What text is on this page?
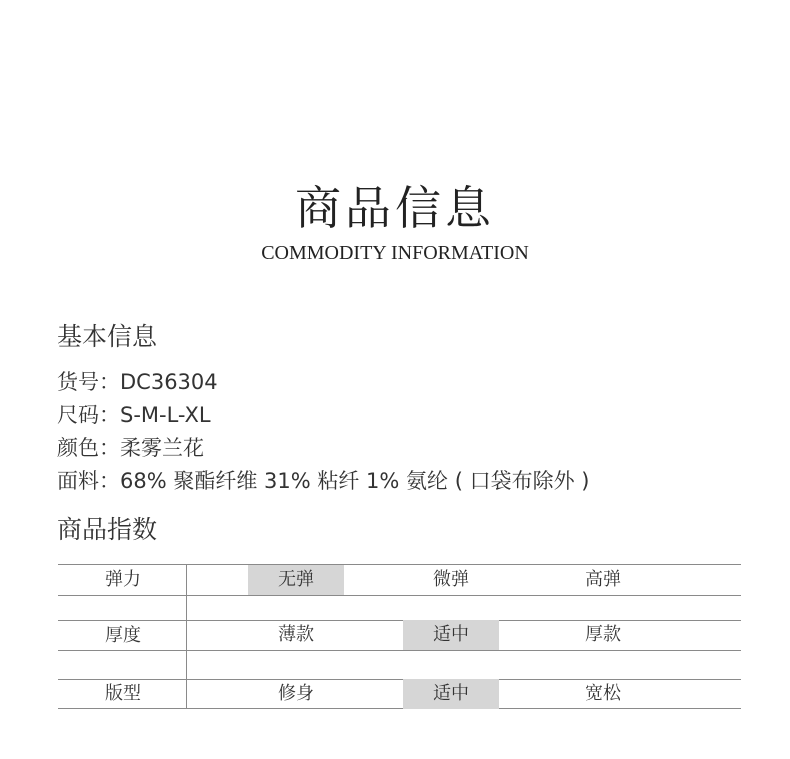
商品信息
COMMODITY INFORMATION
基本信息
货号：DC36304
尺码：S-M-L-XL
颜色：柔雾兰花
面料：68% 聚酯纤维 31% 粘纤 1% 氨纶 ( 口袋布除外 )
商品指数
弹力	无弹	微弹	高弹
厚度	薄款	适中	厚款
版型	修身	适中	宽松
